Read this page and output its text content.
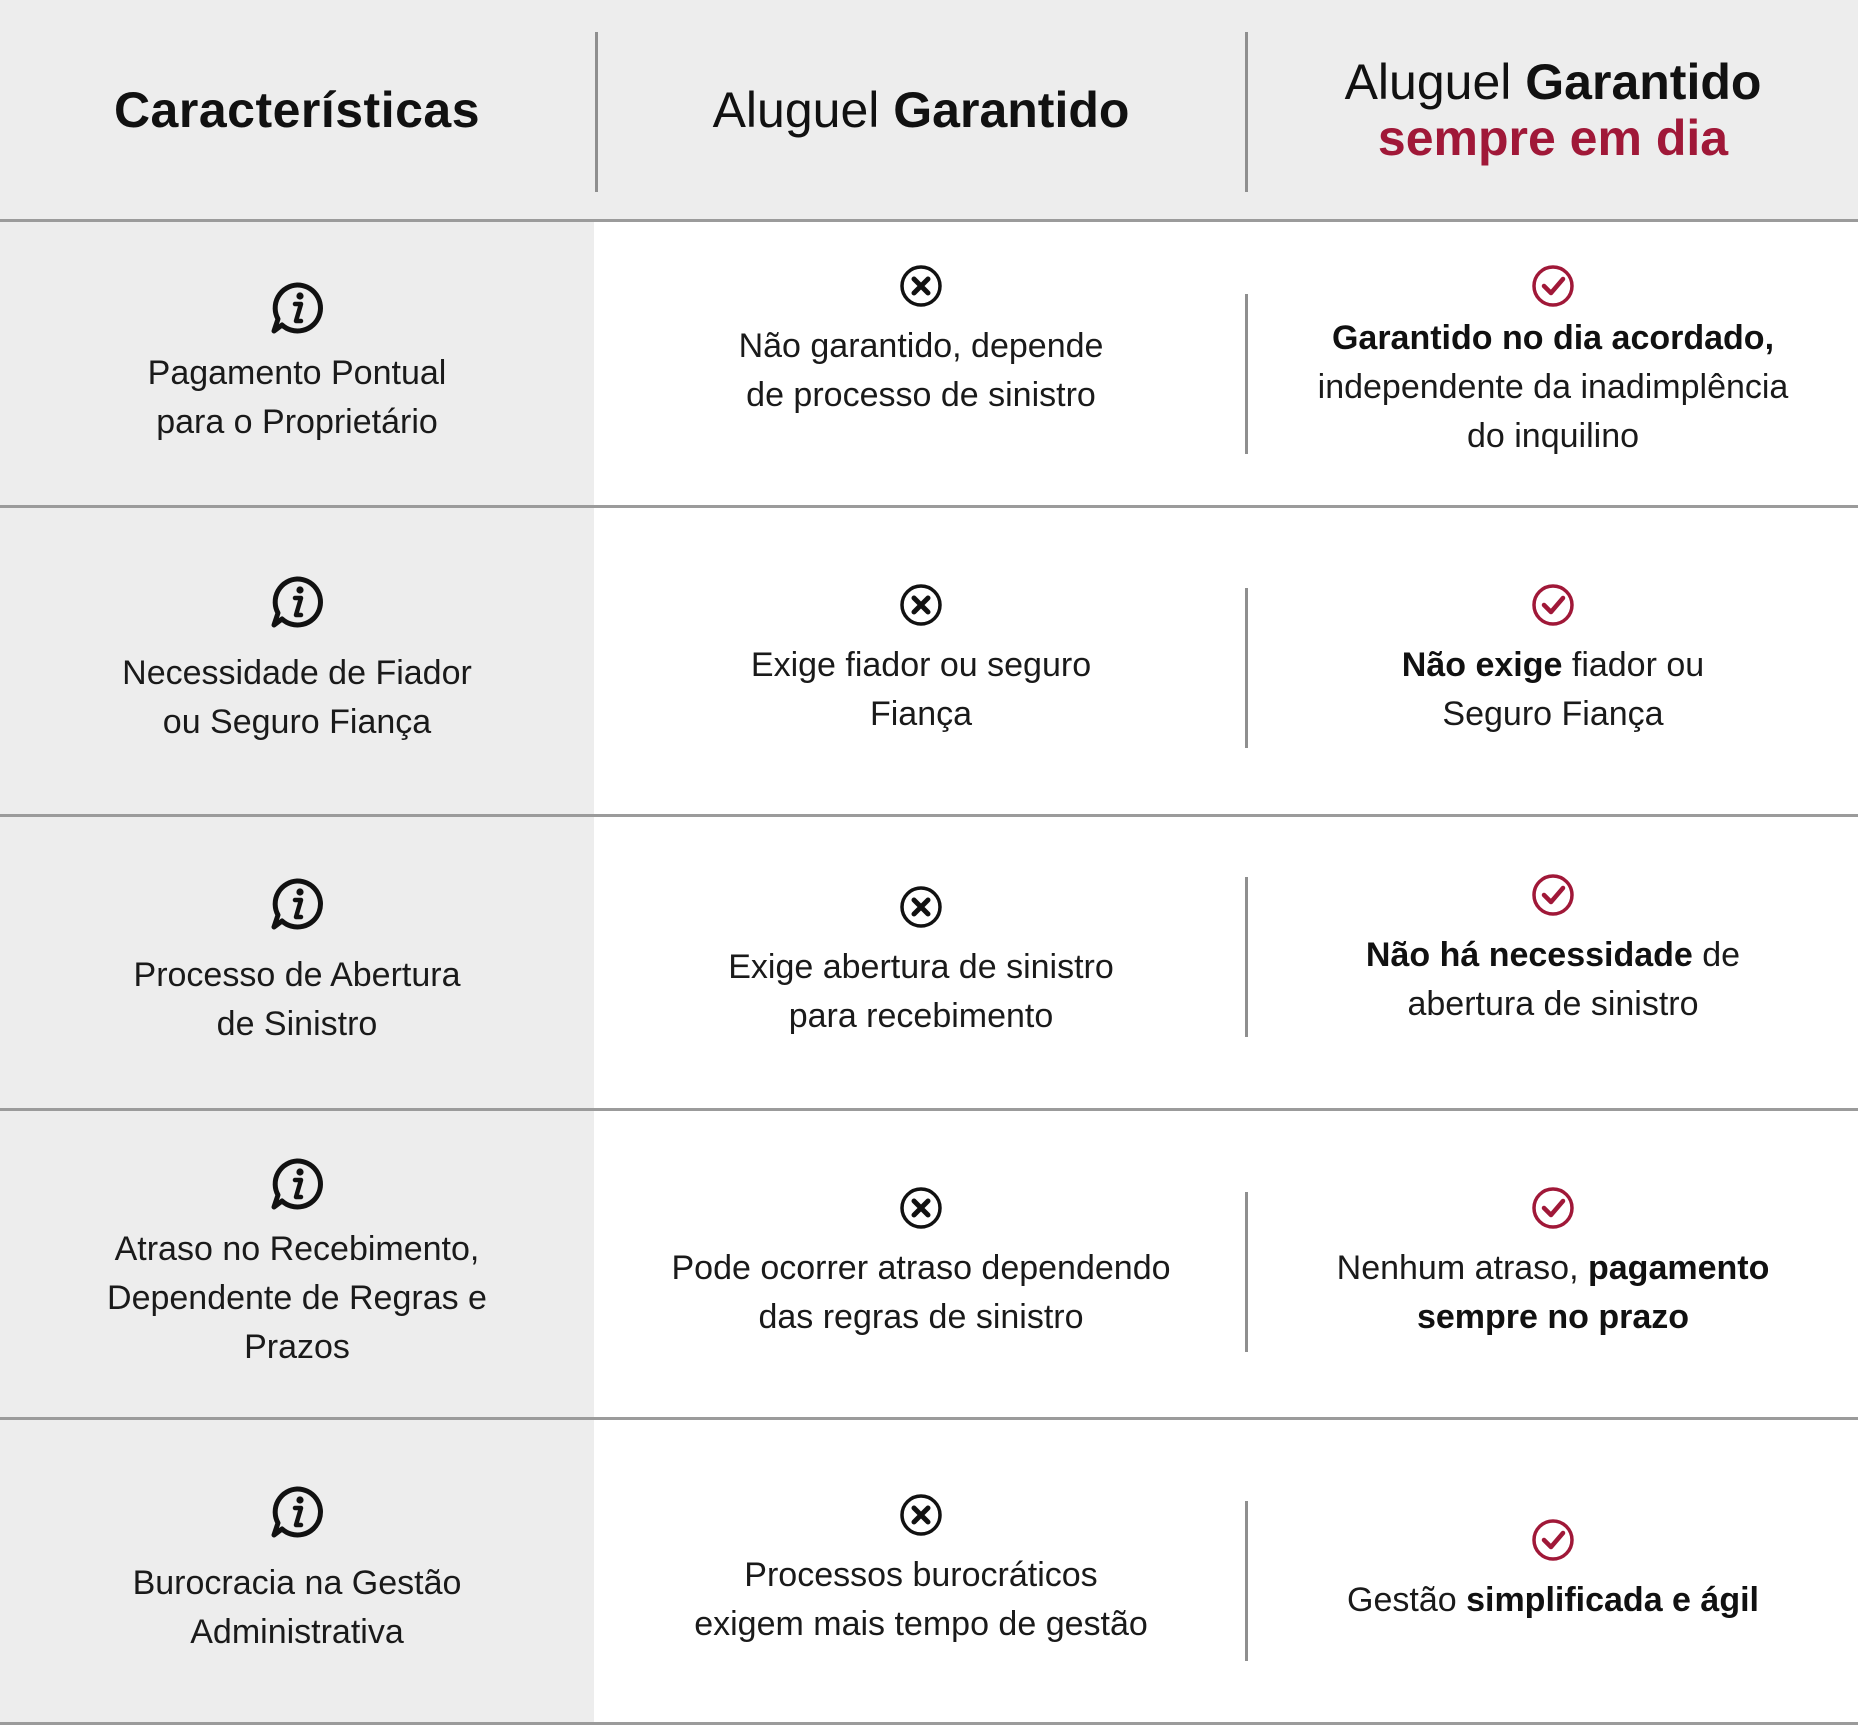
Características	Aluguel Garantido	Aluguel Garantido
sempre em dia
Pagamento Pontual
para o Proprietário
Não garantido, depende
de processo de sinistro
Garantido no dia acordado,
independente da inadimplência
do inquilino
Necessidade de Fiador
ou Seguro Fiança
Exige fiador ou seguro
Fiança
Não exige fiador ou
Seguro Fiança
Processo de Abertura
de Sinistro
Exige abertura de sinistro
para recebimento
Não há necessidade de
abertura de sinistro
Atraso no Recebimento,
Dependente de Regras e
Prazos
Pode ocorrer atraso dependendo
das regras de sinistro
Nenhum atraso, pagamento
sempre no prazo
Burocracia na Gestão
Administrativa
Processos burocráticos
exigem mais tempo de gestão
Gestão simplificada e ágil
